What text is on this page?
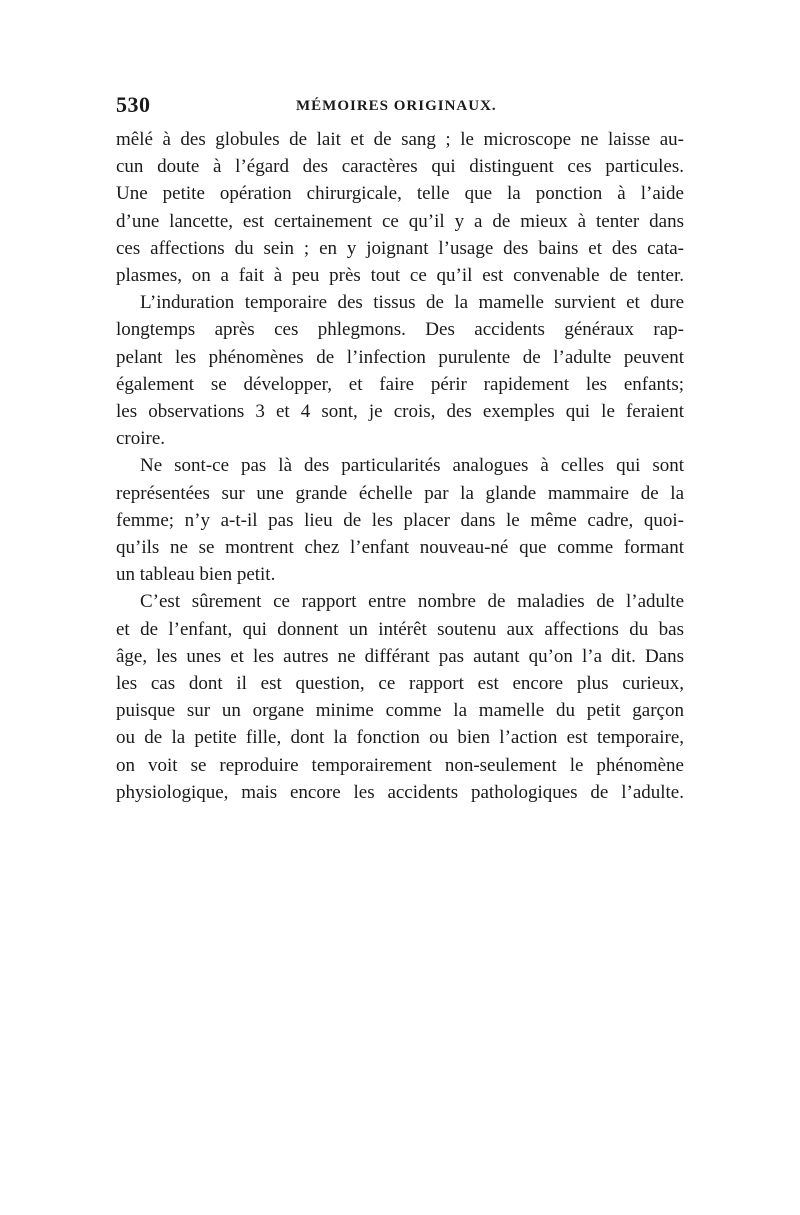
530	MÉMOIRES ORIGINAUX.

mêlé à des globules de lait et de sang ; le microscope ne laisse au-
cun doute à l’égard des caractères qui distinguent ces particules.
Une petite opération chirurgicale, telle que la ponction à l’aide
d’une lancette, est certainement ce qu’il y a de mieux à tenter dans
ces affections du sein ; en y joignant l’usage des bains et des cata-
plasmes, on a fait à peu près tout ce qu’il est convenable de tenter.

L’induration temporaire des tissus de la mamelle survient et dure
longtemps après ces phlegmons. Des accidents généraux rap-
pelant les phénomènes de l’infection purulente de l’adulte peuvent
également se développer, et faire périr rapidement les enfants;
les observations 3 et 4 sont, je crois, des exemples qui le feraient
croire.

Ne sont-ce pas là des particularités analogues à celles qui sont
représentées sur une grande échelle par la glande mammaire de la
femme; n’y a-t-il pas lieu de les placer dans le même cadre, quoi-
qu’ils ne se montrent chez l’enfant nouveau-né que comme formant
un tableau bien petit.

C’est sûrement ce rapport entre nombre de maladies de l’adulte
et de l’enfant, qui donnent un intérêt soutenu aux affections du bas
âge, les unes et les autres ne différant pas autant qu’on l’a dit. Dans
les cas dont il est question, ce rapport est encore plus curieux,
puisque sur un organe minime comme la mamelle du petit garçon
ou de la petite fille, dont la fonction ou bien l’action est temporaire,
on voit se reproduire temporairement non-seulement le phénomène
physiologique, mais encore les accidents pathologiques de l’adulte.
